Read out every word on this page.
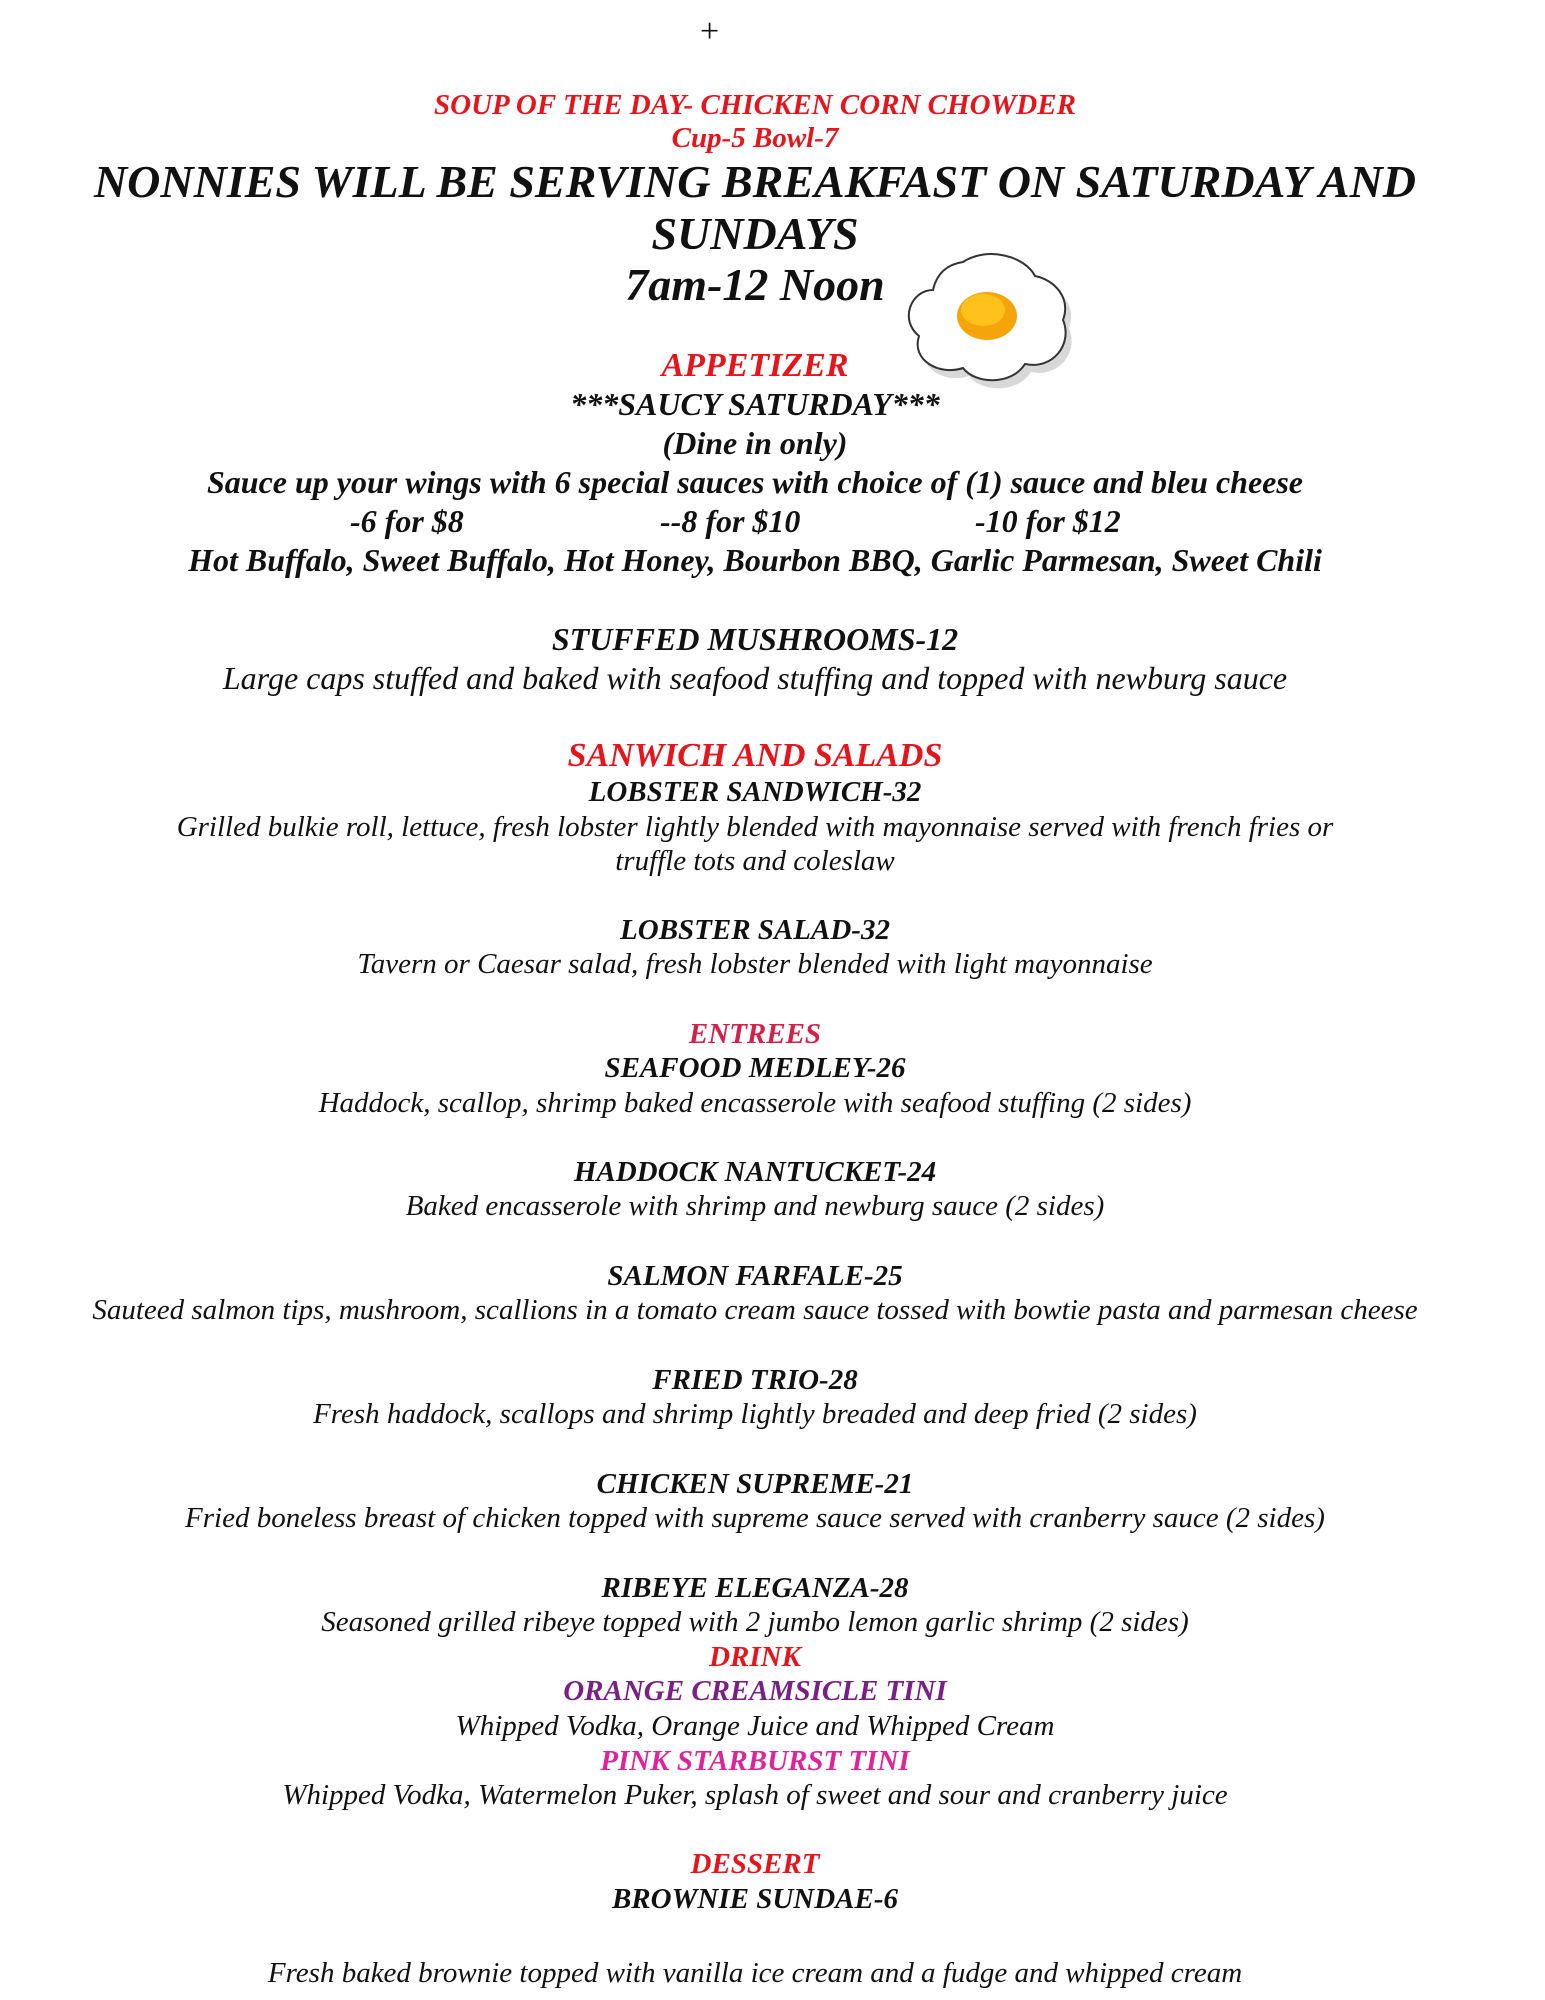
+
SOUP OF THE DAY- CHICKEN CORN CHOWDER
Cup-5 Bowl-7
NONNIES WILL BE SERVING BREAKFAST ON SATURDAY AND
SUNDAYS
7am-12 Noon
APPETIZER
***SAUCY SATURDAY***
(Dine in only)
Sauce up your wings with 6 special sauces with choice of (1) sauce and bleu cheese
-6 for $8	--8 for $10	-10 for $12
Hot Buffalo, Sweet Buffalo, Hot Honey, Bourbon BBQ, Garlic Parmesan, Sweet Chili
STUFFED MUSHROOMS-12
Large caps stuffed and baked with seafood stuffing and topped with newburg sauce
SANWICH AND SALADS
LOBSTER SANDWICH-32
Grilled bulkie roll, lettuce, fresh lobster lightly blended with mayonnaise served with french fries or
truffle tots and coleslaw
LOBSTER SALAD-32
Tavern or Caesar salad, fresh lobster blended with light mayonnaise
ENTREES
SEAFOOD MEDLEY-26
Haddock, scallop, shrimp baked encasserole with seafood stuffing (2 sides)
HADDOCK NANTUCKET-24
Baked encasserole with shrimp and newburg sauce (2 sides)
SALMON FARFALE-25
Sauteed salmon tips, mushroom, scallions in a tomato cream sauce tossed with bowtie pasta and parmesan cheese
FRIED TRIO-28
Fresh haddock, scallops and shrimp lightly breaded and deep fried (2 sides)
CHICKEN SUPREME-21
Fried boneless breast of chicken topped with supreme sauce served with cranberry sauce (2 sides)
RIBEYE ELEGANZA-28
Seasoned grilled ribeye topped with 2 jumbo lemon garlic shrimp (2 sides)
DRINK
ORANGE CREAMSICLE TINI
Whipped Vodka, Orange Juice and Whipped Cream
PINK STARBURST TINI
Whipped Vodka, Watermelon Puker, splash of sweet and sour and cranberry juice
DESSERT
BROWNIE SUNDAE-6
Fresh baked brownie topped with vanilla ice cream and a fudge and whipped cream
